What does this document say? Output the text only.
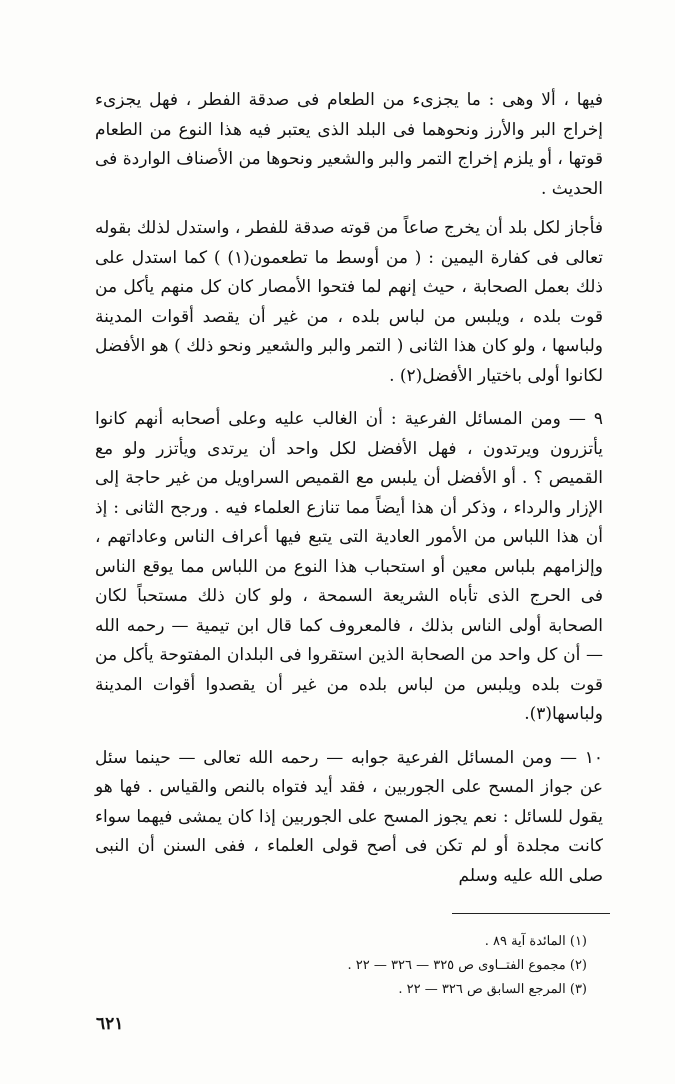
فيها ، ألا وهى : ما يجزىء من الطعام فى صدقة الفطر ، فهل يجزىء إخراج البر والأرز ونحوهما فى البلد الذى يعتبر فيه هذا النوع من الطعام قوتها ، أو يلزم إخراج التمر والبر والشعير ونحوها من الأصناف الواردة فى الحديث .

فأجاز لكل بلد أن يخرج صاعاً من قوته صدقة للفطر ، واستدل لذلك بقوله تعالى فى كفارة اليمين : ( من أوسط ما تطعمون(١) ) كما استدل على ذلك بعمل الصحابة ، حيث إنهم لما فتحوا الأمصار كان كل منهم يأكل من قوت بلده ، ويلبس من لباس بلده ، من غير أن يقصد أقوات المدينة ولباسها ، ولو كان هذا الثانى ( التمر والبر والشعير ونحو ذلك ) هو الأفضل لكانوا أولى باختيار الأفضل(٢) .

٩ — ومن المسائل الفرعية : أن الغالب عليه وعلى أصحابه أنهم كانوا يأتزرون ويرتدون ، فهل الأفضل لكل واحد أن يرتدى ويأتزر ولو مع القميص ؟ . أو الأفضل أن يلبس مع القميص السراويل من غير حاجة إلى الإزار والرداء ، وذكر أن هذا أيضاً مما تنازع العلماء فيه . ورجح الثانى : إذ أن هذا اللباس من الأمور العادية التى يتبع فيها أعراف الناس وعاداتهم ، وإلزامهم بلباس معين أو استحباب هذا النوع من اللباس مما يوقع الناس فى الحرج الذى تأباه الشريعة السمحة ، ولو كان ذلك مستحباً لكان الصحابة أولى الناس بذلك ، فالمعروف كما قال ابن تيمية — رحمه الله — أن كل واحد من الصحابة الذين استقروا فى البلدان المفتوحة يأكل من قوت بلده ويلبس من لباس بلده من غير أن يقصدوا أقوات المدينة ولباسها(٣).

١٠ — ومن المسائل الفرعية جوابه — رحمه الله تعالى — حينما سئل عن جواز المسح على الجوربين ، فقد أيد فتواه بالنص والقياس . فها هو يقول للسائل : نعم يجوز المسح على الجوربين إذا كان يمشى فيهما سواء كانت مجلدة أو لم تكن فى أصح قولى العلماء ، ففى السنن أن النبى صلى الله عليه وسلم

(١) المائدة آية ٨٩ .

(٢) مجموع الفتــاوى ص ٣٢٥ — ٣٢٦ — ٢٢ .

(٣) المرجع السابق ص ٣٢٦ — ٢٢ .

٦٢١
